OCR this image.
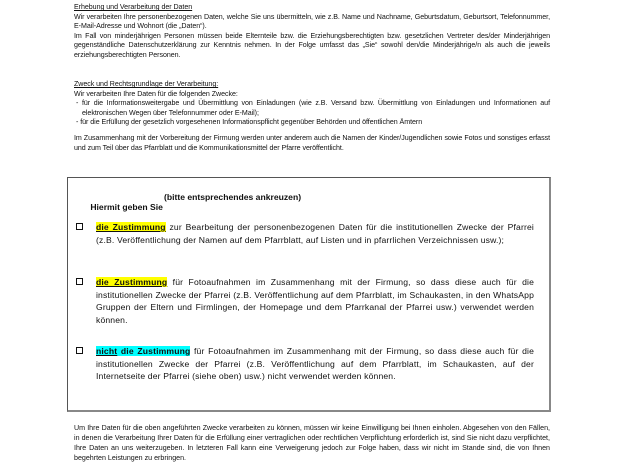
Erhebung und Verarbeitung der Daten

Wir verarbeiten Ihre personenbezogenen Daten, welche Sie uns übermitteln, wie z.B. Name und Nachname, Geburtsdatum, Geburtsort, Telefonnummer, E-Mail-Adresse und Wohnort (die „Daten“).

Im Fall von minderjährigen Personen müssen beide Elternteile bzw. die Erziehungsberechtigten bzw. gesetzlichen Vertreter des/der Minderjährigen gegenständliche Datenschutzerklärung zur Kenntnis nehmen. In der Folge umfasst das „Sie“ sowohl den/die Minderjährige/n als auch die jeweils erziehungsberechtigten Personen.

Zweck und Rechtsgrundlage der Verarbeitung:

Wir verarbeiten Ihre Daten für die folgenden Zwecke:

- für die Informationsweitergabe und Übermittlung von Einladungen (wie z.B. Versand bzw. Übermittlung von Einladungen und Informationen auf elektronischen Wegen über Telefonnummer oder E-Mail);

- für die Erfüllung der gesetzlich vorgesehenen Informationspflicht gegenüber Behörden und öffentlichen Ämtern

Im Zusammenhang mit der Vorbereitung der Firmung werden unter anderem auch die Namen der Kinder/Jugendlichen sowie Fotos und sonstiges erfasst und zum Teil über das Pfarrblatt und die Kommunikationsmittel der Pfarre veröffentlicht.

Hiermit geben Sie

(bitte entsprechendes ankreuzen)

die Zustimmung zur Bearbeitung der personenbezogenen Daten für die institutionellen Zwecke der Pfarrei (z.B. Veröffentlichung der Namen auf dem Pfarrblatt, auf Listen und in pfarrlichen Verzeichnissen usw.);
die Zustimmung für Fotoaufnahmen im Zusammenhang mit der Firmung, so dass diese auch für die institutionellen Zwecke der Pfarrei (z.B. Veröffentlichung auf dem Pfarrblatt, im Schaukasten, in den WhatsApp Gruppen der Eltern und Firmlingen, der Homepage und dem Pfarrkanal der Pfarrei usw.) verwendet werden können.
nicht die Zustimmung für Fotoaufnahmen im Zusammenhang mit der Firmung, so dass diese auch für die institutionellen Zwecke der Pfarrei (z.B. Veröffentlichung auf dem Pfarrblatt, im Schaukasten, auf der Internetseite der Pfarrei (siehe oben) usw.) nicht verwendet werden können.

Um Ihre Daten für die oben angeführten Zwecke verarbeiten zu können, müssen wir keine Einwilligung bei Ihnen einholen. Abgesehen von den Fällen, in denen die Verarbeitung Ihrer Daten für die Erfüllung einer vertraglichen oder rechtlichen Verpflichtung erforderlich ist, sind Sie nicht dazu verpflichtet, Ihre Daten an uns weiterzugeben. In letzteren Fall kann eine Verweigerung jedoch zur Folge haben, dass wir nicht im Stande sind, die von Ihnen begehrten Leistungen zu erbringen.
